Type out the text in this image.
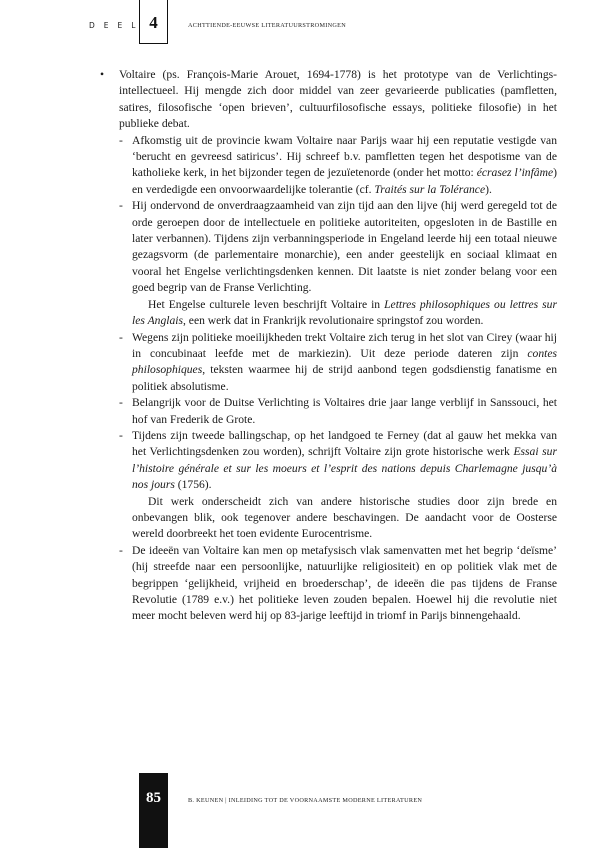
DEEL 4	ACHTTIENDE-EEUWSE LITERATUURSTROMINGEN
• Voltaire (ps. François-Marie Arouet, 1694-1778) is het prototype van de Verlichtings-intellectueel. Hij mengde zich door middel van zeer gevarieerde publicaties (pamfletten, satires, filosofische ‘open brieven’, cultuurfilosofische essays, politieke filosofie) in het publieke debat.

- Afkomstig uit de provincie kwam Voltaire naar Parijs waar hij een reputatie vestigde van ‘berucht en gevreesd satiricus’. Hij schreef b.v. pamfletten tegen het despotisme van de katholieke kerk, in het bijzonder tegen de jezuïetenorde (onder het motto: écrasez l’infâme) en verdedigde een onvoorwaardelijke tolerantie (cf. Traités sur la Tolérance).

- Hij ondervond de onverdraagzaamheid van zijn tijd aan den lijve (hij werd geregeld tot de orde geroepen door de intellectuele en politieke autoriteiten, opgesloten in de Bastille en later verbannen). Tijdens zijn verbanningsperiode in Engeland leerde hij een totaal nieuwe gezagsvorm (de parlementaire monarchie), een ander geestelijk en sociaal klimaat en vooral het Engelse verlichtingsdenken kennen. Dit laatste is niet zonder belang voor een goed begrip van de Franse Verlichting.

Het Engelse culturele leven beschrijft Voltaire in Lettres philosophiques ou lettres sur les Anglais, een werk dat in Frankrijk revolutionaire springstof zou worden.

- Wegens zijn politieke moeilijkheden trekt Voltaire zich terug in het slot van Cirey (waar hij in concubinaat leefde met de markiezin). Uit deze periode dateren zijn contes philosophiques, teksten waarmee hij de strijd aanbond tegen godsdienstig fanatisme en politiek absolutisme.

- Belangrijk voor de Duitse Verlichting is Voltaires drie jaar lange verblijf in Sanssouci, het hof van Frederik de Grote.

- Tijdens zijn tweede ballingschap, op het landgoed te Ferney (dat al gauw het mekka van het Verlichtingsdenken zou worden), schrijft Voltaire zijn grote historische werk Essai sur l’histoire générale et sur les moeurs et l’esprit des nations depuis Charlemagne jusqu’à nos jours (1756).

Dit werk onderscheidt zich van andere historische studies door zijn brede en onbevangen blik, ook tegenover andere beschavingen. De aandacht voor de Oosterse wereld doorbreekt het toen evidente Eurocentrisme.

- De ideeën van Voltaire kan men op metafysisch vlak samenvatten met het begrip ‘deïsme’ (hij streefde naar een persoonlijke, natuurlijke religiositeit) en op politiek vlak met de begrippen ‘gelijkheid, vrijheid en broederschap’, de ideeën die pas tijdens de Franse Revolutie (1789 e.v.) het politieke leven zouden bepalen. Hoewel hij die revolutie niet meer mocht beleven werd hij op 83-jarige leeftijd in triomf in Parijs binnengehaald.

85	B. KEUNEN | INLEIDING TOT DE VOORNAAMSTE MODERNE LITERATUREN
